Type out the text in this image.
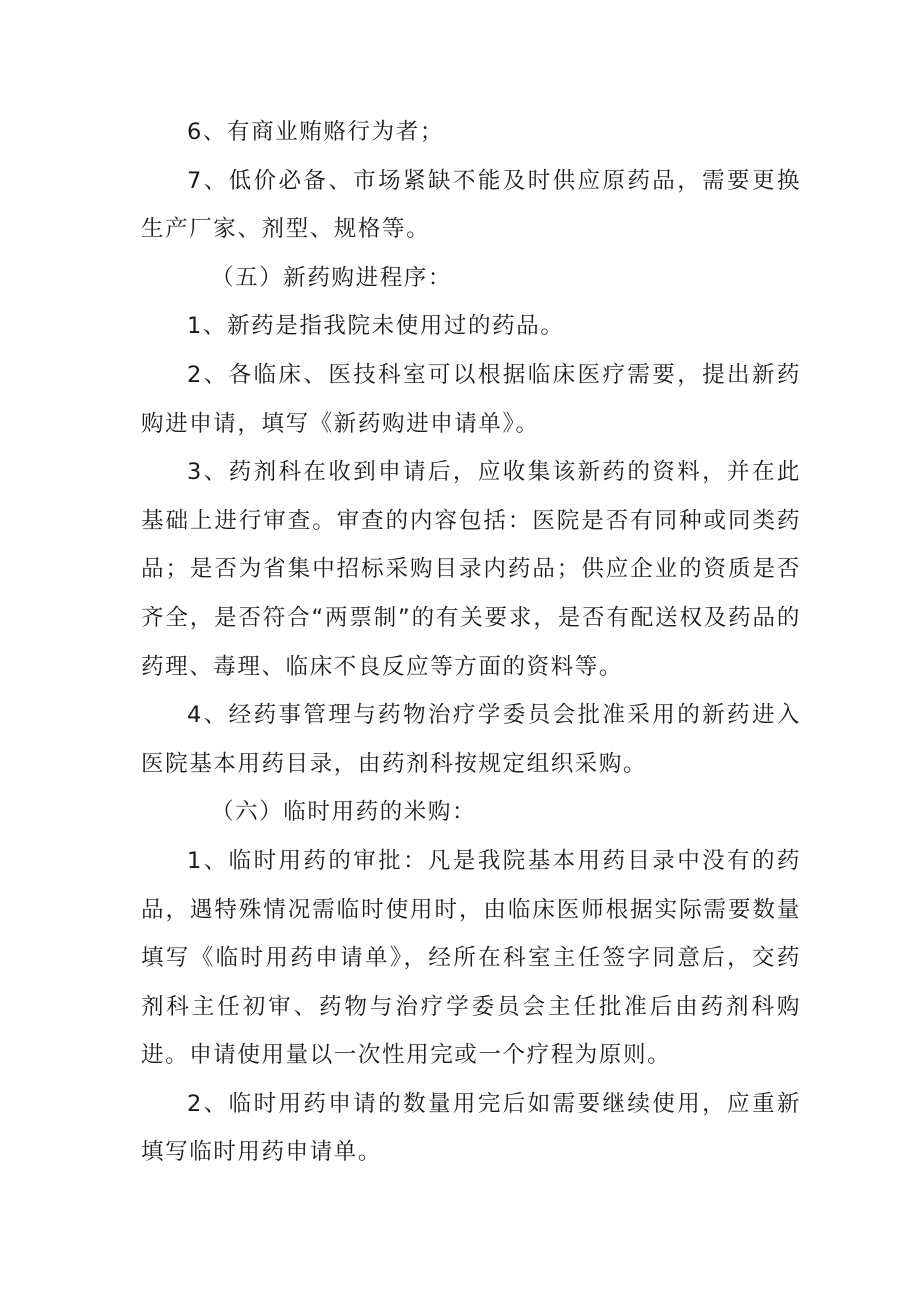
6、有商业贿赂行为者；

7、低价必备、市场紧缺不能及时供应原药品，需要更换生产厂家、剂型、规格等。

（五）新药购进程序：

1、新药是指我院未使用过的药品。

2、各临床、医技科室可以根据临床医疗需要，提出新药购进申请，填写《新药购进申请单》。

3、药剂科在收到申请后，应收集该新药的资料，并在此基础上进行审查。审查的内容包括：医院是否有同种或同类药品；是否为省集中招标采购目录内药品；供应企业的资质是否齐全，是否符合“两票制”的有关要求，是否有配送权及药品的药理、毒理、临床不良反应等方面的资料等。

4、经药事管理与药物治疗学委员会批准采用的新药进入医院基本用药目录，由药剂科按规定组织采购。

（六）临时用药的米购：

1、临时用药的审批：凡是我院基本用药目录中没有的药品，遇特殊情况需临时使用时，由临床医师根据实际需要数量填写《临时用药申请单》，经所在科室主任签字同意后，交药剂科主任初审、药物与治疗学委员会主任批准后由药剂科购进。申请使用量以一次性用完或一个疗程为原则。

2、临时用药申请的数量用完后如需要继续使用，应重新填写临时用药申请单。
